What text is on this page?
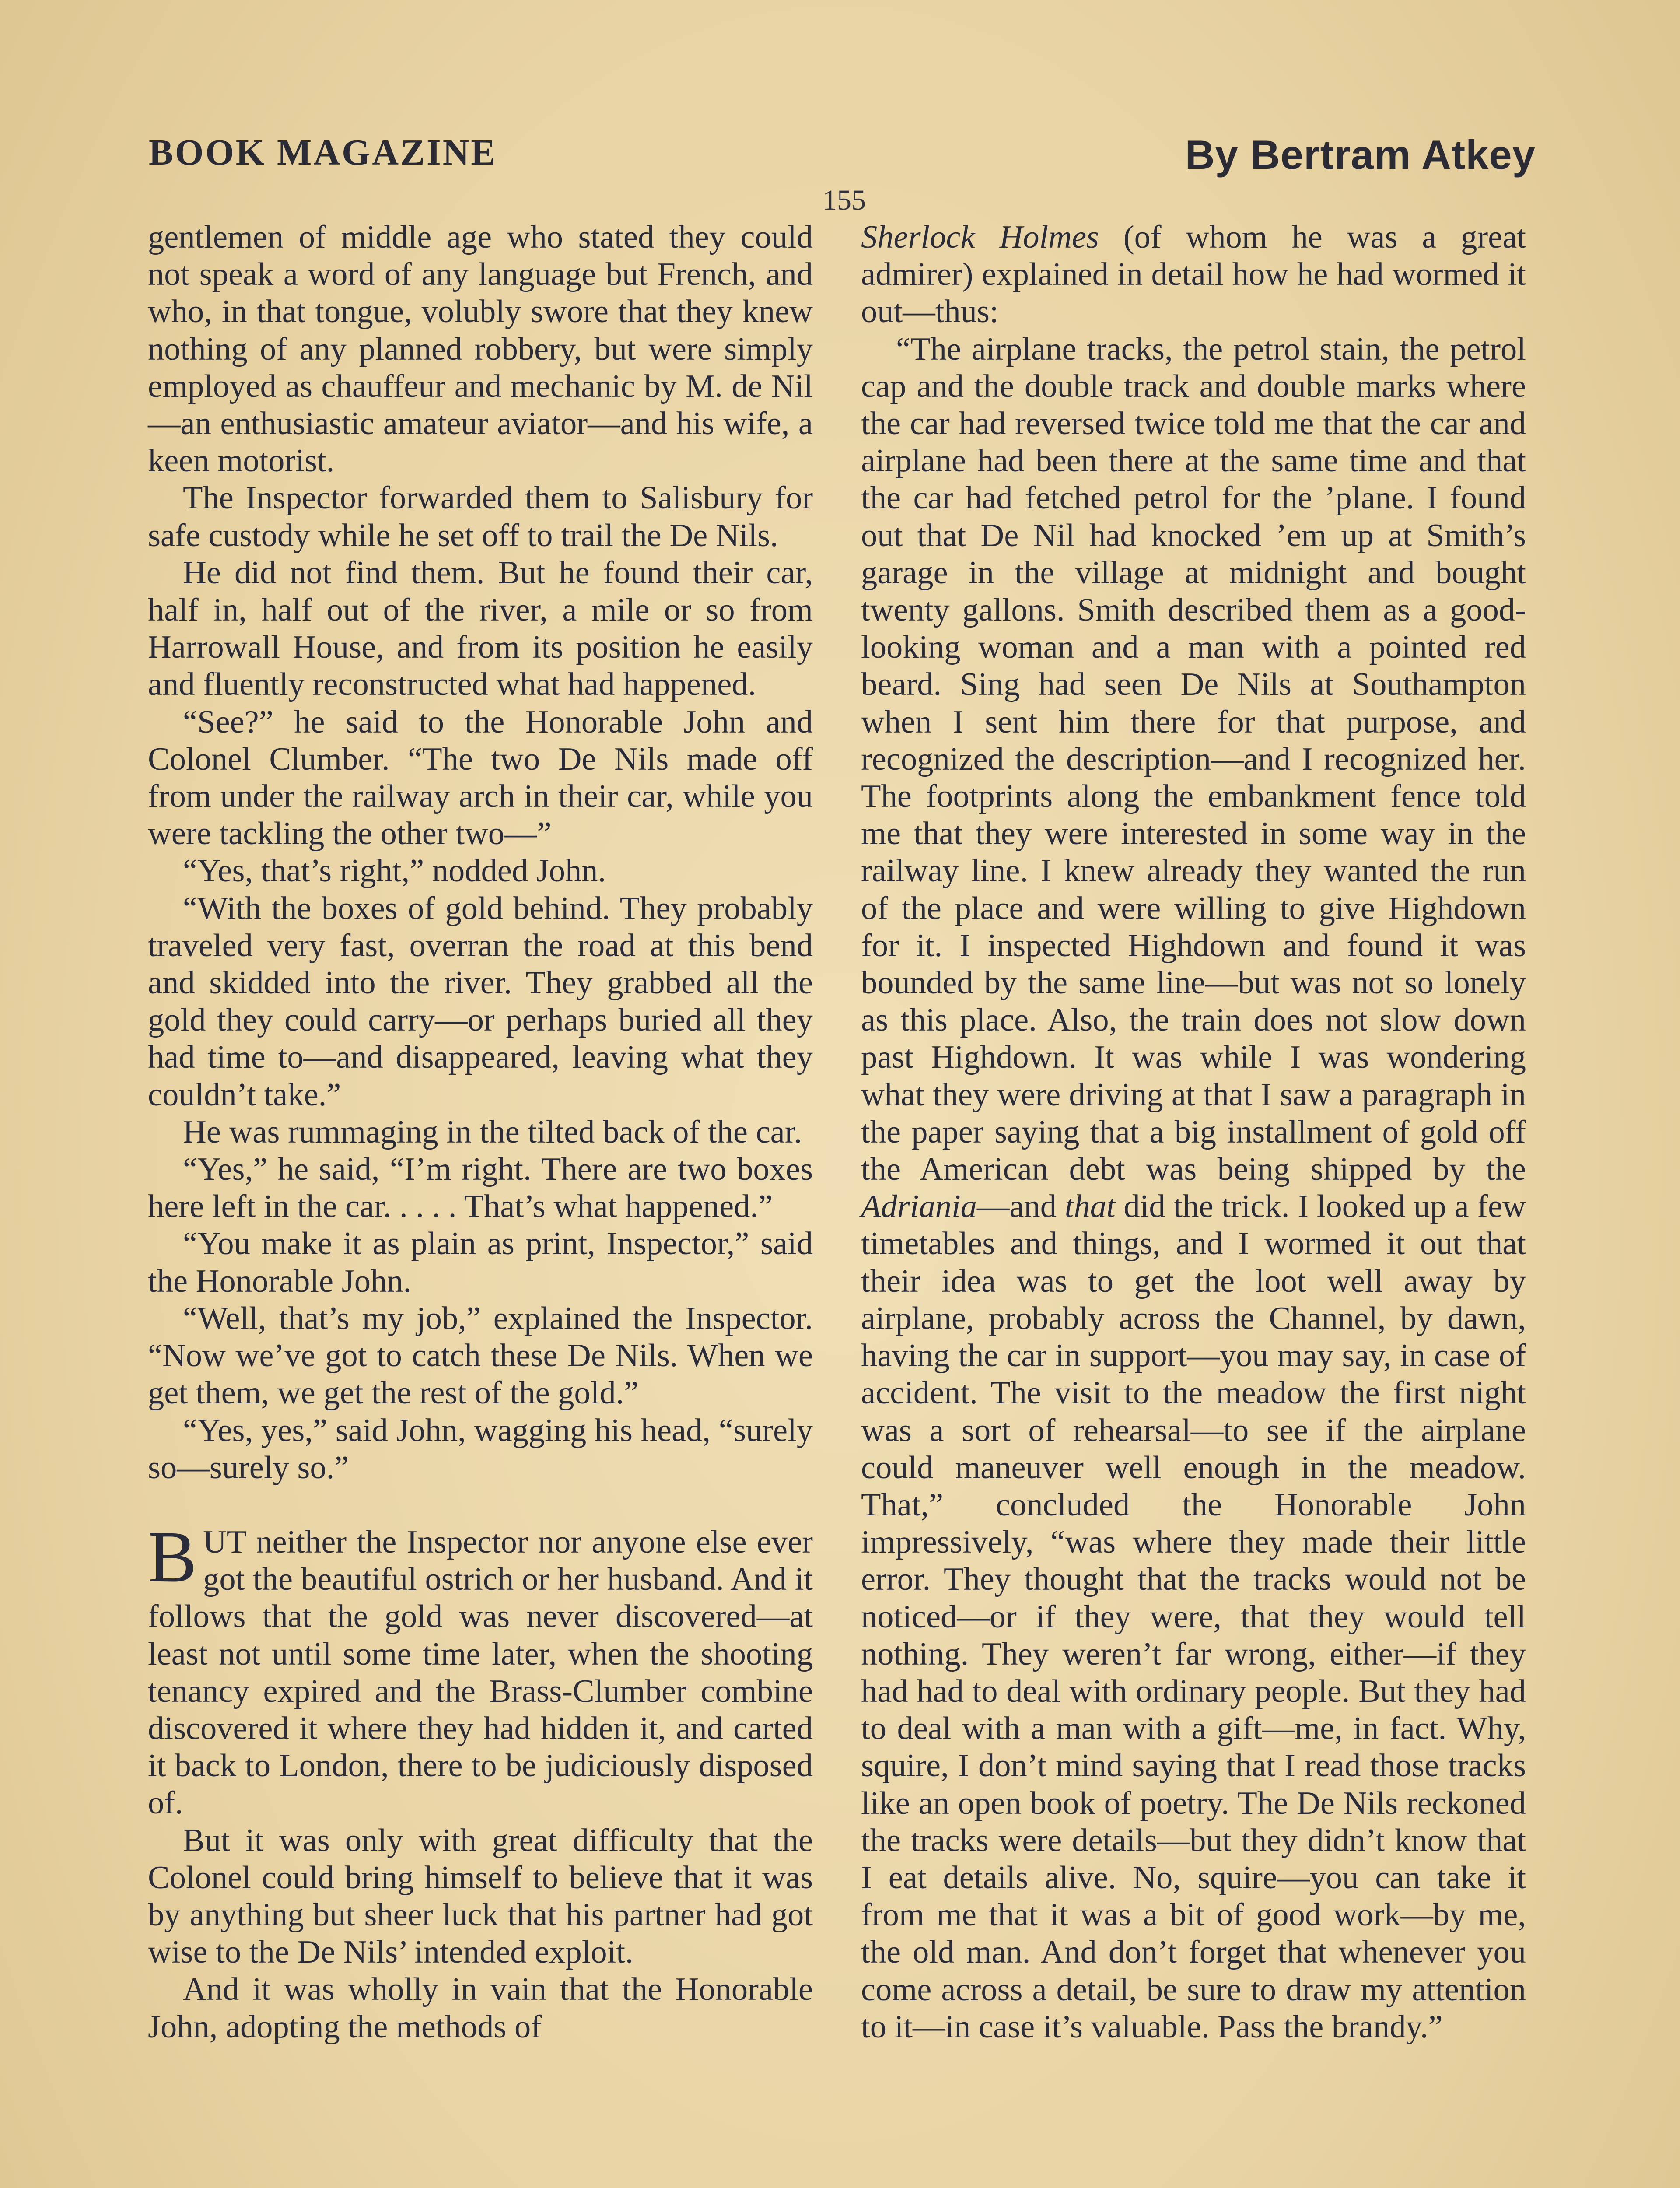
BOOK MAGAZINE	By Bertram Atkey
155

gentlemen of middle age who stated they could not speak a word of any language but French, and who, in that tongue, volubly swore that they knew nothing of any planned robbery, but were simply employed as chauffeur and mechanic by M. de Nil—an enthusiastic amateur aviator—and his wife, a keen motorist.

The Inspector forwarded them to Salisbury for safe custody while he set off to trail the De Nils.

He did not find them. But he found their car, half in, half out of the river, a mile or so from Harrowall House, and from its position he easily and fluently reconstructed what had happened.

“See?” he said to the Honorable John and Colonel Clumber. “The two De Nils made off from under the railway arch in their car, while you were tackling the other two—”

“Yes, that’s right,” nodded John.

“With the boxes of gold behind. They probably traveled very fast, overran the road at this bend and skidded into the river. They grabbed all the gold they could carry—or perhaps buried all they had time to—and disappeared, leaving what they couldn’t take.”

He was rummaging in the tilted back of the car.

“Yes,” he said, “I’m right. There are two boxes here left in the car. . . . . That’s what happened.”

“You make it as plain as print, Inspector,” said the Honorable John.

“Well, that’s my job,” explained the Inspector. “Now we’ve got to catch these De Nils. When we get them, we get the rest of the gold.”

“Yes, yes,” said John, wagging his head, “surely so—surely so.”

BUT neither the Inspector nor anyone else ever got the beautiful ostrich or her husband. And it follows that the gold was never discovered—at least not until some time later, when the shooting tenancy expired and the Brass-Clumber combine discovered it where they had hidden it, and carted it back to London, there to be judiciously disposed of.

But it was only with great difficulty that the Colonel could bring himself to believe that it was by anything but sheer luck that his partner had got wise to the De Nils’ intended exploit.

And it was wholly in vain that the Honorable John, adopting the methods of

Sherlock Holmes (of whom he was a great admirer) explained in detail how he had wormed it out—thus:

“The airplane tracks, the petrol stain, the petrol cap and the double track and double marks where the car had reversed twice told me that the car and airplane had been there at the same time and that the car had fetched petrol for the ’plane. I found out that De Nil had knocked ’em up at Smith’s garage in the village at midnight and bought twenty gallons. Smith described them as a good-looking woman and a man with a pointed red beard. Sing had seen De Nils at Southampton when I sent him there for that purpose, and recognized the description—and I recognized her. The footprints along the embankment fence told me that they were interested in some way in the railway line. I knew already they wanted the run of the place and were willing to give Highdown for it. I inspected Highdown and found it was bounded by the same line—but was not so lonely as this place. Also, the train does not slow down past Highdown. It was while I was wondering what they were driving at that I saw a paragraph in the paper saying that a big installment of gold off the American debt was being shipped by the Adriania—and that did the trick. I looked up a few timetables and things, and I wormed it out that their idea was to get the loot well away by airplane, probably across the Channel, by dawn, having the car in support—you may say, in case of accident. The visit to the meadow the first night was a sort of rehearsal—to see if the airplane could maneuver well enough in the meadow. That,” concluded the Honorable John impressively, “was where they made their little error. They thought that the tracks would not be noticed—or if they were, that they would tell nothing. They weren’t far wrong, either—if they had had to deal with ordinary people. But they had to deal with a man with a gift—me, in fact. Why, squire, I don’t mind saying that I read those tracks like an open book of poetry. The De Nils reckoned the tracks were details—but they didn’t know that I eat details alive. No, squire—you can take it from me that it was a bit of good work—by me, the old man. And don’t forget that whenever you come across a detail, be sure to draw my attention to it—in case it’s valuable. Pass the brandy.”
